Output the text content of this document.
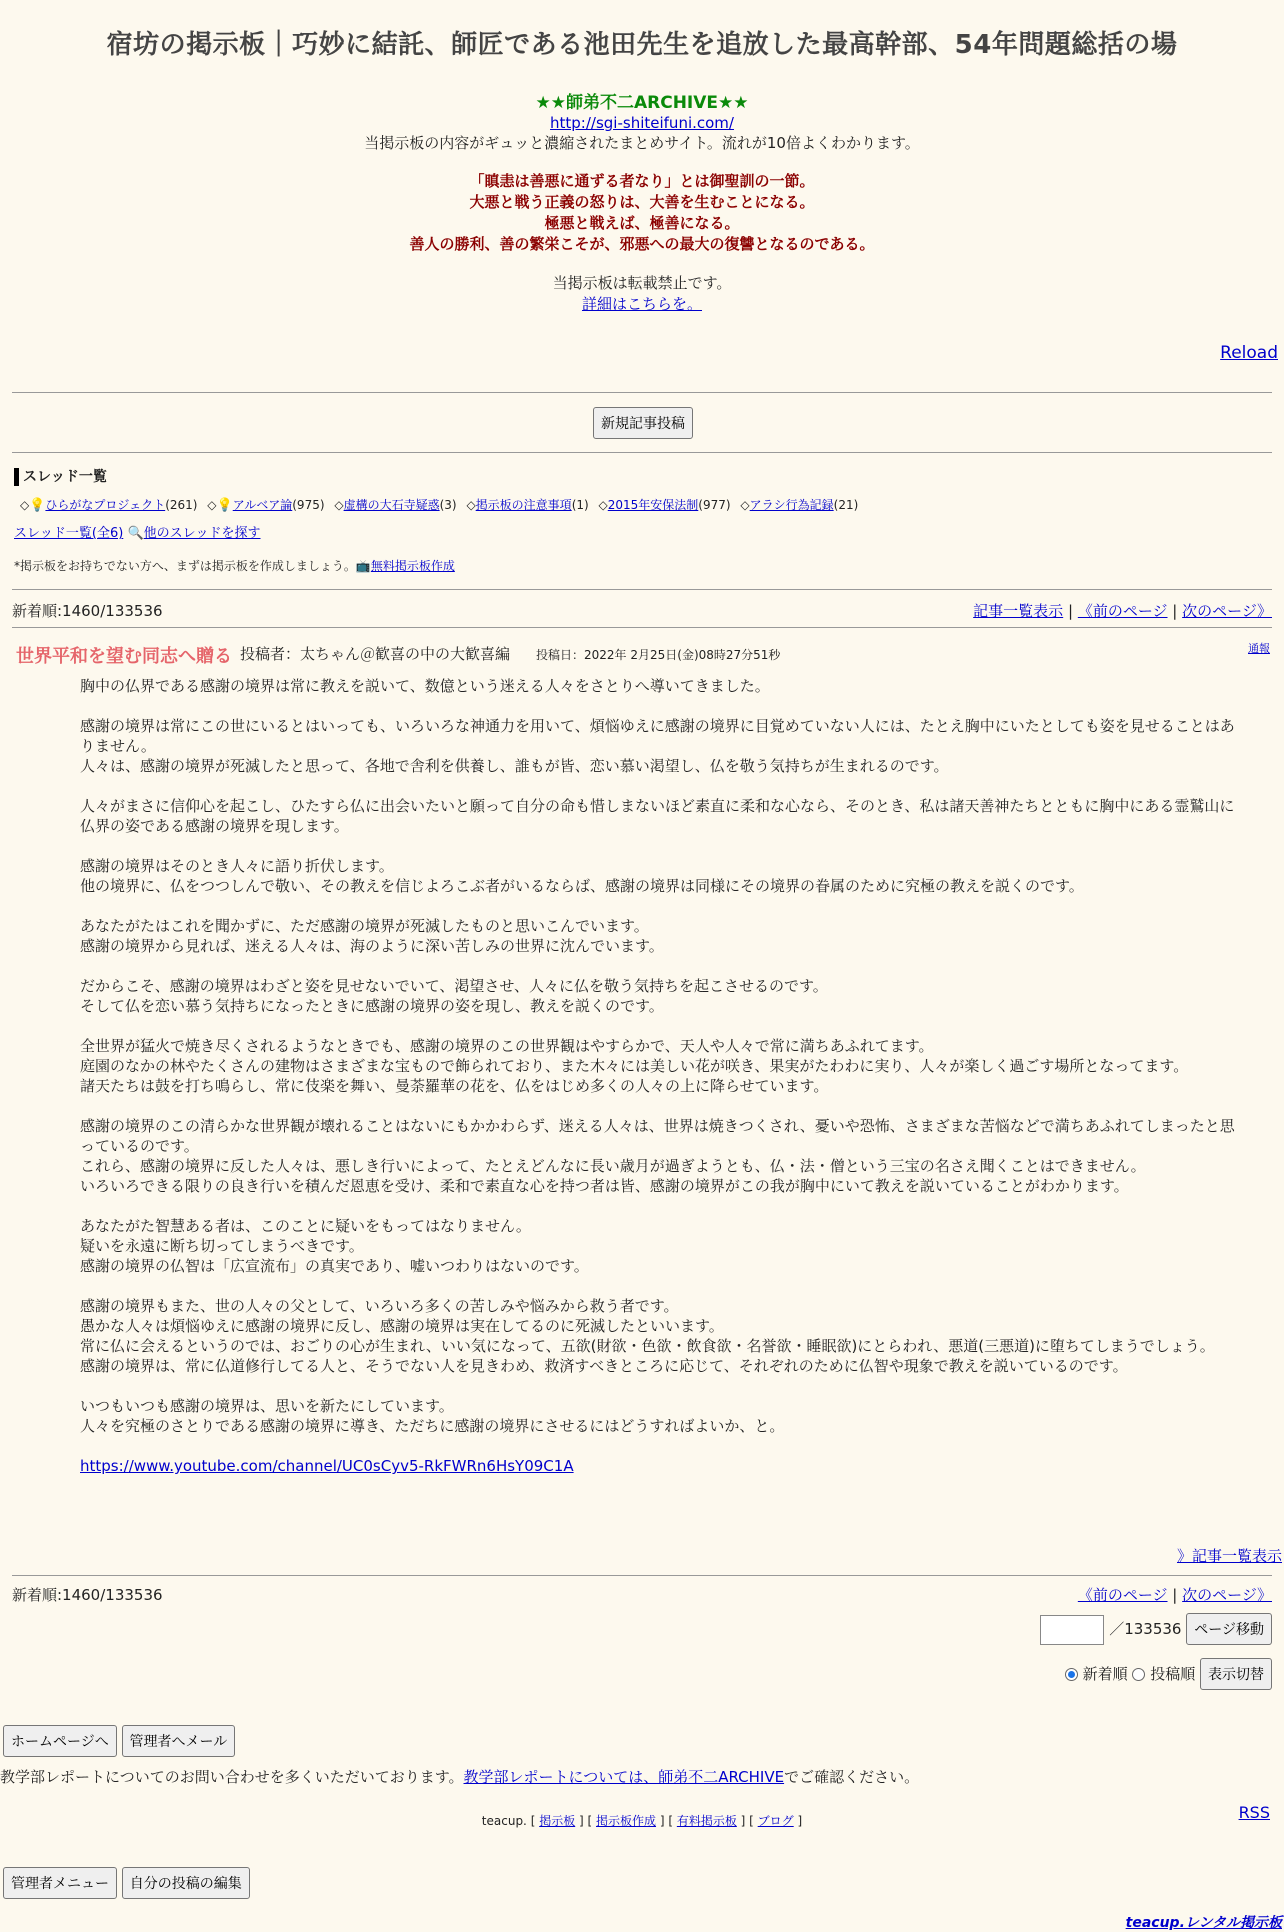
宿坊の掲示板｜巧妙に結託、師匠である池田先生を追放した最高幹部、54年問題総括の場
★★師弟不二ARCHIVE★★
http://sgi-shiteifuni.com/
当掲示板の内容がギュッと濃縮されたまとめサイト。流れが10倍よくわかります。
「瞋恚は善悪に通ずる者なり」とは御聖訓の一節。
大悪と戦う正義の怒りは、大善を生むことになる。
極悪と戦えば、極善になる。
善人の勝利、善の繁栄こそが、邪悪への最大の復讐となるのである。
当掲示板は転載禁止です。
詳細はこちらを。
Reload
新規記事投稿
スレッド一覧
◇💡ひらがなプロジェクト(261) ◇💡アルベア論(975) ◇虚構の大石寺疑惑(3) ◇掲示板の注意事項(1) ◇2015年安保法制(977) ◇アラシ行為記録(21)
スレッド一覧(全6) 🔍他のスレッドを探す
*掲示板をお持ちでない方へ、まずは掲示板を作成しましょう。📺無料掲示板作成
新着順:1460/133536	記事一覧表示 | 《前のページ | 次のページ》
世界平和を望む同志へ贈る 投稿者：太ちゃん＠歓喜の中の大歓喜編 投稿日：2022年 2月25日(金)08時27分51秒	通報

胸中の仏界である感謝の境界は常に教えを説いて、数億という迷える人々をさとりへ導いてきました。

感謝の境界は常にこの世にいるとはいっても、いろいろな神通力を用いて、煩悩ゆえに感謝の境界に目覚めていない人には、たとえ胸中にいたとしても姿を見せることはありません。
人々は、感謝の境界が死滅したと思って、各地で舎利を供養し、誰もが皆、恋い慕い渇望し、仏を敬う気持ちが生まれるのです。

人々がまさに信仰心を起こし、ひたすら仏に出会いたいと願って自分の命も惜しまないほど素直に柔和な心なら、そのとき、私は諸天善神たちとともに胸中にある霊鷲山に仏界の姿である感謝の境界を現します。

感謝の境界はそのとき人々に語り折伏します。
他の境界に、仏をつつしんで敬い、その教えを信じよろこぶ者がいるならば、感謝の境界は同様にその境界の眷属のために究極の教えを説くのです。

あなたがたはこれを聞かずに、ただ感謝の境界が死滅したものと思いこんでいます。
感謝の境界から見れば、迷える人々は、海のように深い苦しみの世界に沈んでいます。

だからこそ、感謝の境界はわざと姿を見せないでいて、渇望させ、人々に仏を敬う気持ちを起こさせるのです。
そして仏を恋い慕う気持ちになったときに感謝の境界の姿を現し、教えを説くのです。

全世界が猛火で焼き尽くされるようなときでも、感謝の境界のこの世界観はやすらかで、天人や人々で常に満ちあふれてます。
庭園のなかの林やたくさんの建物はさまざまな宝もので飾られており、また木々には美しい花が咲き、果実がたわわに実り、人々が楽しく過ごす場所となってます。
諸天たちは鼓を打ち鳴らし、常に伎楽を舞い、曼荼羅華の花を、仏をはじめ多くの人々の上に降らせています。

感謝の境界のこの清らかな世界観が壊れることはないにもかかわらず、迷える人々は、世界は焼きつくされ、憂いや恐怖、さまざまな苦悩などで満ちあふれてしまったと思っているのです。
これら、感謝の境界に反した人々は、悪しき行いによって、たとえどんなに長い歳月が過ぎようとも、仏・法・僧という三宝の名さえ聞くことはできません。
いろいろできる限りの良き行いを積んだ恩恵を受け、柔和で素直な心を持つ者は皆、感謝の境界がこの我が胸中にいて教えを説いていることがわかります。

あなたがた智慧ある者は、このことに疑いをもってはなりません。
疑いを永遠に断ち切ってしまうべきです。
感謝の境界の仏智は「広宣流布」の真実であり、嘘いつわりはないのです。

感謝の境界もまた、世の人々の父として、いろいろ多くの苦しみや悩みから救う者です。
愚かな人々は煩悩ゆえに感謝の境界に反し、感謝の境界は実在してるのに死滅したといいます。
常に仏に会えるというのでは、おごりの心が生まれ、いい気になって、五欲(財欲・色欲・飲食欲・名誉欲・睡眠欲)にとらわれ、悪道(三悪道)に堕ちてしまうでしょう。
感謝の境界は、常に仏道修行してる人と、そうでない人を見きわめ、救済すべきところに応じて、それぞれのために仏智や現象で教えを説いているのです。

いつもいつも感謝の境界は、思いを新たにしています。
人々を究極のさとりである感謝の境界に導き、ただちに感謝の境界にさせるにはどうすればよいか、と。

https://www.youtube.com/channel/UC0sCyv5-RkFWRn6HsY09C1A

》記事一覧表示
新着順:1460/133536	《前のページ | 次のページ》
／133536 ページ移動
新着順 投稿順 表示切替
ホームページへ 管理者へメール
教学部レポートについてのお問い合わせを多くいただいております。教学部レポートについては、師弟不二ARCHIVEでご確認ください。
teacup. [ 掲示板 ] [ 掲示板作成 ] [ 有料掲示板 ] [ ブログ ]	RSS
管理者メニュー 自分の投稿の編集
teacup.レンタル掲示板
